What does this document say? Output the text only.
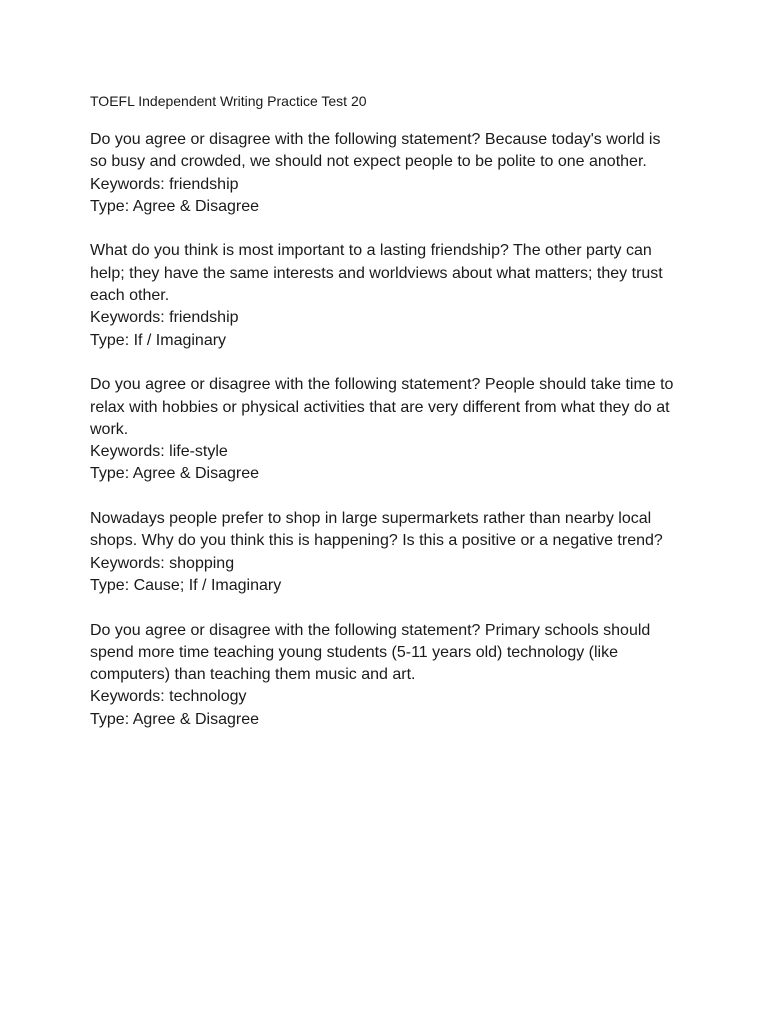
TOEFL Independent Writing Practice Test 20

Do you agree or disagree with the following statement? Because today's world is so busy and crowded, we should not expect people to be polite to one another.

Keywords: friendship

Type: Agree & Disagree

What do you think is most important to a lasting friendship? The other party can help; they have the same interests and worldviews about what matters; they trust each other.

Keywords: friendship

Type: If / Imaginary

Do you agree or disagree with the following statement? People should take time to relax with hobbies or physical activities that are very different from what they do at work.

Keywords: life-style

Type: Agree & Disagree

Nowadays people prefer to shop in large supermarkets rather than nearby local shops. Why do you think this is happening? Is this a positive or a negative trend?

Keywords: shopping

Type: Cause; If / Imaginary

Do you agree or disagree with the following statement? Primary schools should spend more time teaching young students (5-11 years old) technology (like computers) than teaching them music and art.

Keywords: technology

Type: Agree & Disagree
